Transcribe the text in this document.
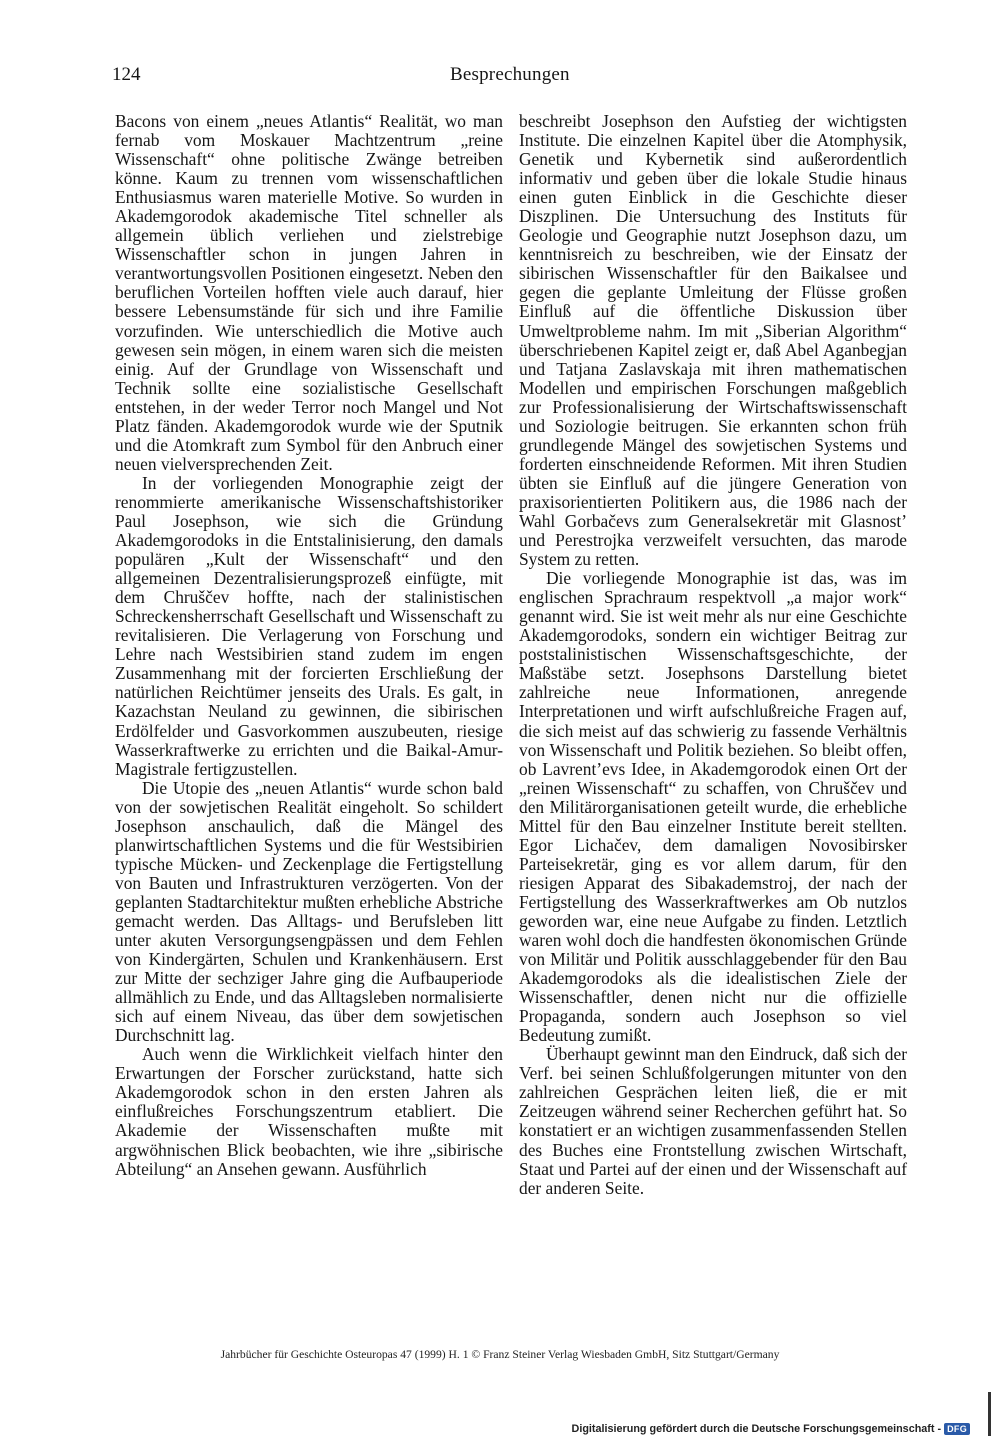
124	Besprechungen

Bacons von einem „neues Atlantis“ Realität, wo man fernab vom Moskauer Machtzentrum „reine Wissenschaft“ ohne politische Zwänge betreiben könne. Kaum zu trennen vom wissenschaftlichen Enthusiasmus waren materielle Motive. So wurden in Akademgorodok akademische Titel schneller als allgemein üblich verliehen und zielstrebige Wissenschaftler schon in jungen Jahren in verantwortungsvollen Positionen eingesetzt. Neben den beruflichen Vorteilen hofften viele auch darauf, hier bessere Lebensumstände für sich und ihre Familie vorzufinden. Wie unterschiedlich die Motive auch gewesen sein mögen, in einem waren sich die meisten einig. Auf der Grundlage von Wissenschaft und Technik sollte eine sozialistische Gesellschaft entstehen, in der weder Terror noch Mangel und Not Platz fänden. Akademgorodok wurde wie der Sputnik und die Atomkraft zum Symbol für den Anbruch einer neuen vielversprechenden Zeit.

In der vorliegenden Monographie zeigt der renommierte amerikanische Wissenschaftshistoriker Paul Josephson, wie sich die Gründung Akademgorodoks in die Entstalinisierung, den damals populären „Kult der Wissenschaft“ und den allgemeinen Dezentralisierungsprozeß einfügte, mit dem Chruščev hoffte, nach der stalinistischen Schreckensherrschaft Gesellschaft und Wissenschaft zu revitalisieren. Die Verlagerung von Forschung und Lehre nach Westsibirien stand zudem im engen Zusammenhang mit der forcierten Erschließung der natürlichen Reichtümer jenseits des Urals. Es galt, in Kazachstan Neuland zu gewinnen, die sibirischen Erdölfelder und Gasvorkommen auszubeuten, riesige Wasserkraftwerke zu errichten und die Baikal-Amur-Magistrale fertigzustellen.

Die Utopie des „neuen Atlantis“ wurde schon bald von der sowjetischen Realität eingeholt. So schildert Josephson anschaulich, daß die Mängel des planwirtschaftlichen Systems und die für Westsibirien typische Mücken- und Zeckenplage die Fertigstellung von Bauten und Infrastrukturen verzögerten. Von der geplanten Stadtarchitektur mußten erhebliche Abstriche gemacht werden. Das Alltags- und Berufsleben litt unter akuten Versorgungsengpässen und dem Fehlen von Kindergärten, Schulen und Krankenhäusern. Erst zur Mitte der sechziger Jahre ging die Aufbauperiode allmählich zu Ende, und das Alltagsleben normalisierte sich auf einem Niveau, das über dem sowjetischen Durchschnitt lag.

Auch wenn die Wirklichkeit vielfach hinter den Erwartungen der Forscher zurückstand, hatte sich Akademgorodok schon in den ersten Jahren als einflußreiches Forschungszentrum etabliert. Die Akademie der Wissenschaften mußte mit argwöhnischen Blick beobachten, wie ihre „sibirische Abteilung“ an Ansehen gewann. Ausführlich

beschreibt Josephson den Aufstieg der wichtigsten Institute. Die einzelnen Kapitel über die Atomphysik, Genetik und Kybernetik sind außerordentlich informativ und geben über die lokale Studie hinaus einen guten Einblick in die Geschichte dieser Diszplinen. Die Untersuchung des Instituts für Geologie und Geographie nutzt Josephson dazu, um kenntnisreich zu beschreiben, wie der Einsatz der sibirischen Wissenschaftler für den Baikalsee und gegen die geplante Umleitung der Flüsse großen Einfluß auf die öffentliche Diskussion über Umweltprobleme nahm. Im mit „Siberian Algorithm“ überschriebenen Kapitel zeigt er, daß Abel Aganbegjan und Tatjana Zaslavskaja mit ihren mathematischen Modellen und empirischen Forschungen maßgeblich zur Professionalisierung der Wirtschaftswissenschaft und Soziologie beitrugen. Sie erkannten schon früh grundlegende Mängel des sowjetischen Systems und forderten einschneidende Reformen. Mit ihren Studien übten sie Einfluß auf die jüngere Generation von praxisorientierten Politikern aus, die 1986 nach der Wahl Gorbačevs zum Generalsekretär mit Glasnost’ und Perestrojka verzweifelt versuchten, das marode System zu retten.

Die vorliegende Monographie ist das, was im englischen Sprachraum respektvoll „a major work“ genannt wird. Sie ist weit mehr als nur eine Geschichte Akademgorodoks, sondern ein wichtiger Beitrag zur poststalinistischen Wissenschaftsgeschichte, der Maßstäbe setzt. Josephsons Darstellung bietet zahlreiche neue Informationen, anregende Interpretationen und wirft aufschlußreiche Fragen auf, die sich meist auf das schwierig zu fassende Verhältnis von Wissenschaft und Politik beziehen. So bleibt offen, ob Lavrent’evs Idee, in Akademgorodok einen Ort der „reinen Wissenschaft“ zu schaffen, von Chruščev und den Militärorganisationen geteilt wurde, die erhebliche Mittel für den Bau einzelner Institute bereit stellten. Egor Lichačev, dem damaligen Novosibirsker Parteisekretär, ging es vor allem darum, für den riesigen Apparat des Sibakademstroj, der nach der Fertigstellung des Wasserkraftwerkes am Ob nutzlos geworden war, eine neue Aufgabe zu finden. Letztlich waren wohl doch die handfesten ökonomischen Gründe von Militär und Politik ausschlaggebender für den Bau Akademgorodoks als die idealistischen Ziele der Wissenschaftler, denen nicht nur die offizielle Propaganda, sondern auch Josephson so viel Bedeutung zumißt.

Überhaupt gewinnt man den Eindruck, daß sich der Verf. bei seinen Schlußfolgerungen mitunter von den zahlreichen Gesprächen leiten ließ, die er mit Zeitzeugen während seiner Recherchen geführt hat. So konstatiert er an wichtigen zusammenfassenden Stellen des Buches eine Frontstellung zwischen Wirtschaft, Staat und Partei auf der einen und der Wissenschaft auf der anderen Seite.

Jahrbücher für Geschichte Osteuropas 47 (1999) H. 1 © Franz Steiner Verlag Wiesbaden GmbH, Sitz Stuttgart/Germany
Digitalisierung gefördert durch die Deutsche Forschungsgemeinschaft - DFG
